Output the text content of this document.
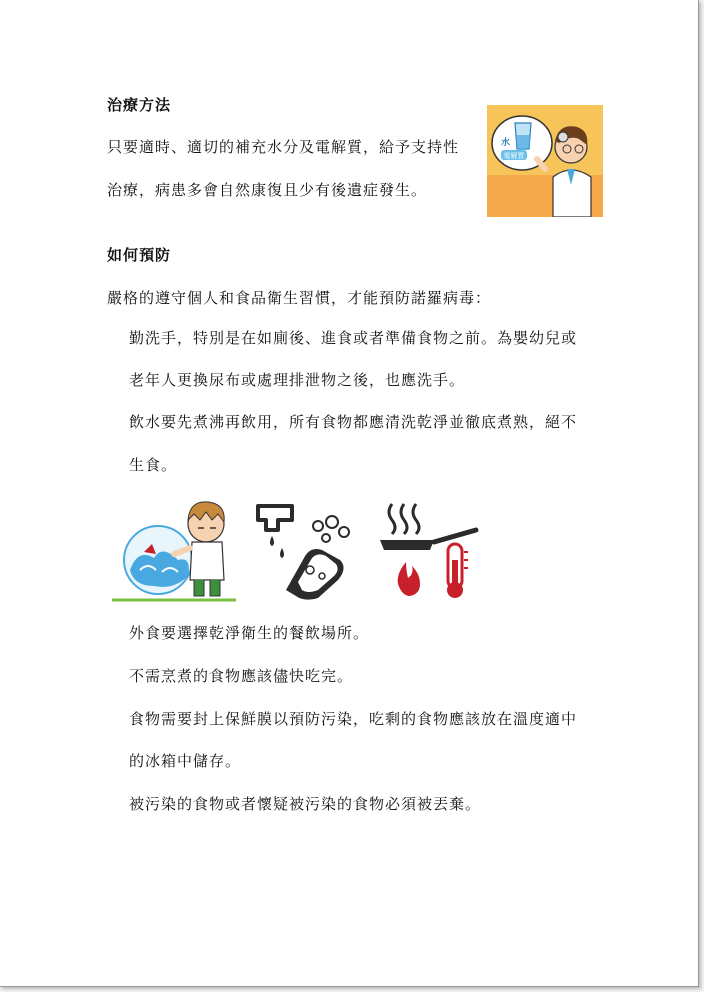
治療方法
只要適時、適切的補充水分及電解質，給予支持性
治療，病患多會自然康復且少有後遺症發生。
電解質
水
如何預防
嚴格的遵守個人和食品衛生習慣，才能預防諾羅病毒：
勤洗手，特別是在如廁後、進食或者準備食物之前。為嬰幼兒或
老年人更換尿布或處理排泄物之後，也應洗手。
飲水要先煮沸再飲用，所有食物都應清洗乾淨並徹底煮熟，絕不
生食。
外食要選擇乾淨衛生的餐飲場所。
不需烹煮的食物應該儘快吃完。
食物需要封上保鮮膜以預防污染，吃剩的食物應該放在溫度適中
的冰箱中儲存。
被污染的食物或者懷疑被污染的食物必須被丟棄。
